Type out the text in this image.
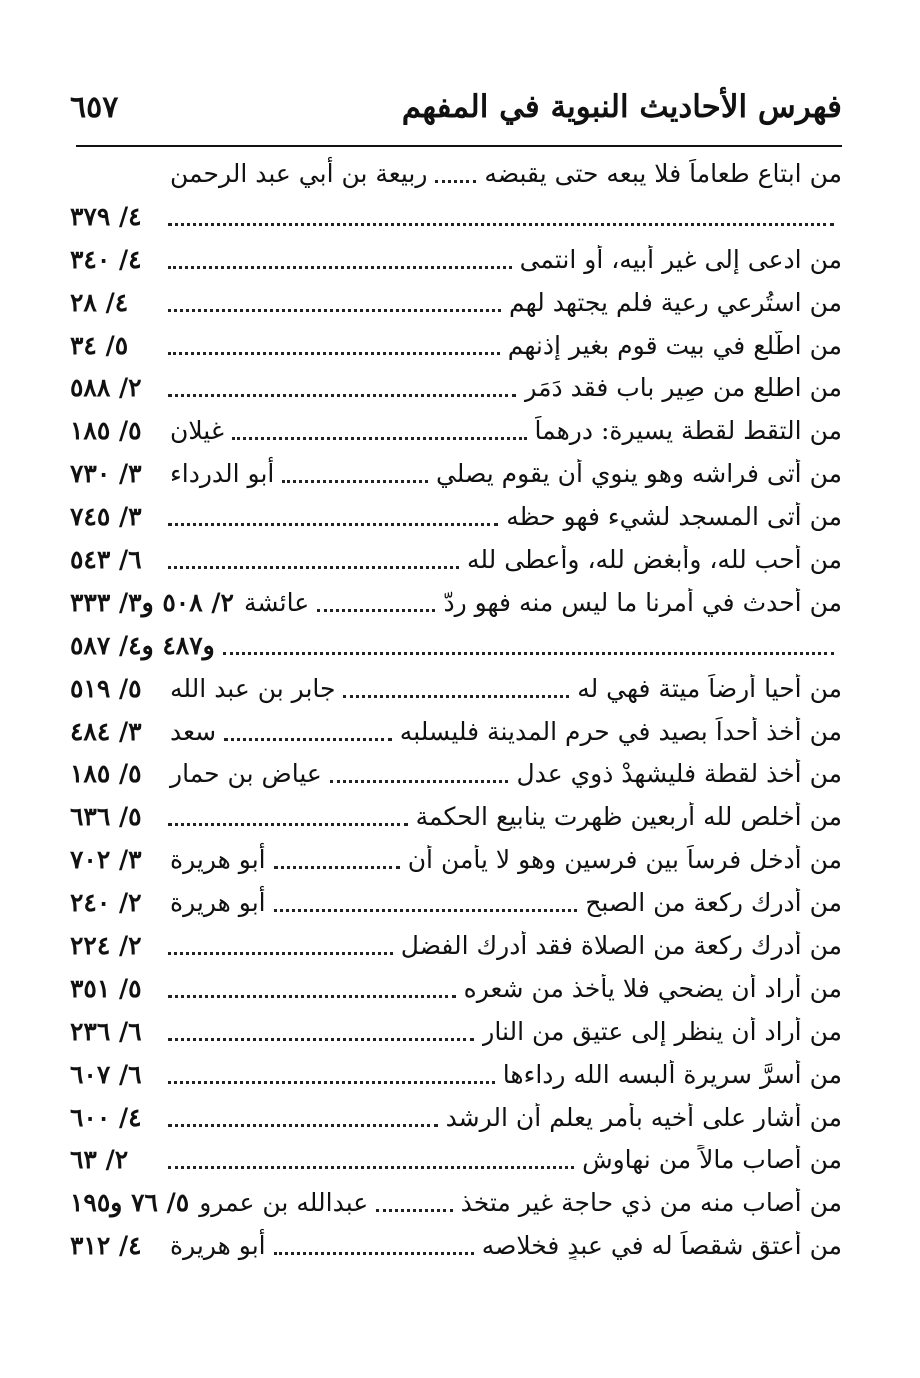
فهرس الأحاديث النبوية في المفهم
٦٥٧
من ابتاع طعاماً فلا يبعه حتى يقبضه
ربيعة بن أبي عبد الرحمن
٤/ ٣٧٩
من ادعى إلى غير أبيه، أو انتمى
٤/ ٣٤٠
من استُرعي رعية فلم يجتهد لهم
٤/ ٢٨
من اطّلع في بيت قوم بغير إذنهم
٥/ ٣٤
من اطلع من صِير باب فقد دَمَر
٢/ ٥٨٨
من التقط لقطة يسيرة: درهماً
غيلان
٥/ ١٨٥
من أتى فراشه وهو ينوي أن يقوم يصلي
أبو الدرداء
٣/ ٧٣٠
من أتى المسجد لشيء فهو حظه
٣/ ٧٤٥
من أحب لله، وأبغض لله، وأعطى لله
٦/ ٥٤٣
من أحدث في أمرنا ما ليس منه فهو ردّ
عائشة
٢/ ٥٠٨ و٣/ ٣٣٣
و٤٨٧ و٤/ ٥٨٧
من أحيا أرضاً ميتة فهي له
جابر بن عبد الله
٥/ ٥١٩
من أخذ أحداً بصيد في حرم المدينة فليسلبه
سعد
٣/ ٤٨٤
من أخذ لقطة فليشهدْ ذوي عدل
عياض بن حمار
٥/ ١٨٥
من أخلص لله أربعين ظهرت ينابيع الحكمة
٥/ ٦٣٦
من أدخل فرساً بين فرسين وهو لا يأمن أن
أبو هريرة
٣/ ٧٠٢
من أدرك ركعة من الصبح
أبو هريرة
٢/ ٢٤٠
من أدرك ركعة من الصلاة فقد أدرك الفضل
٢/ ٢٢٤
من أراد أن يضحي فلا يأخذ من شعره
٥/ ٣٥١
من أراد أن ينظر إلى عتيقٍ من النار
٦/ ٢٣٦
من أسرَّ سريرة ألبسه الله رداءها
٦/ ٦٠٧
من أشار على أخيه بأمر يعلم أن الرشد
٤/ ٦٠٠
من أصاب مالاً من نهاوش
٢/ ٦٣
من أصاب منه من ذي حاجة غير متخذ
عبدالله بن عمرو
٥/ ٧٦ و١٩٥
من أعتق شقصاً له في عبدٍ فخلاصه
أبو هريرة
٤/ ٣١٢
